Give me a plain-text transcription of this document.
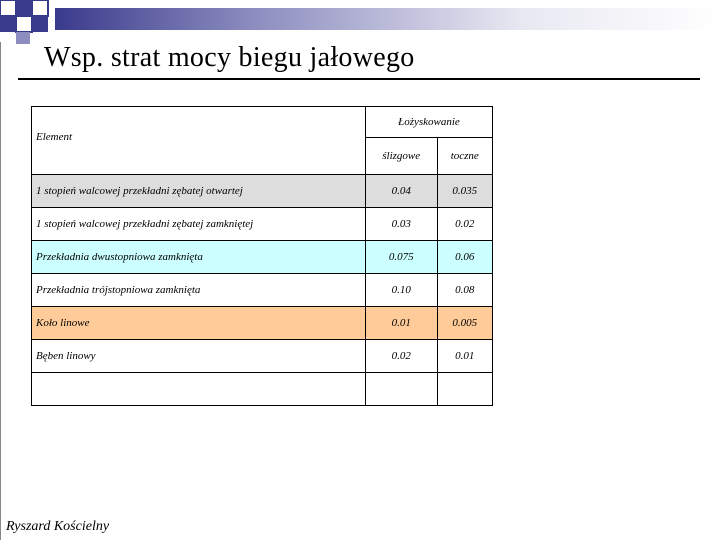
Wsp. strat mocy biegu jałowego
Element	Łożyskowanie	
	ślizgowe	toczne
1 stopień walcowej przekładni zębatej otwartej	0.04	0.035
1 stopień walcowej przekładni zębatej zamkniętej	0.03	0.02
Przekładnia dwustopniowa zamknięta	0.075	0.06
Przekładnia trójstopniowa zamknięta	0.10	0.08
Koło linowe	0.01	0.005
Bęben linowy	0.02	0.01

Ryszard Kościelny
